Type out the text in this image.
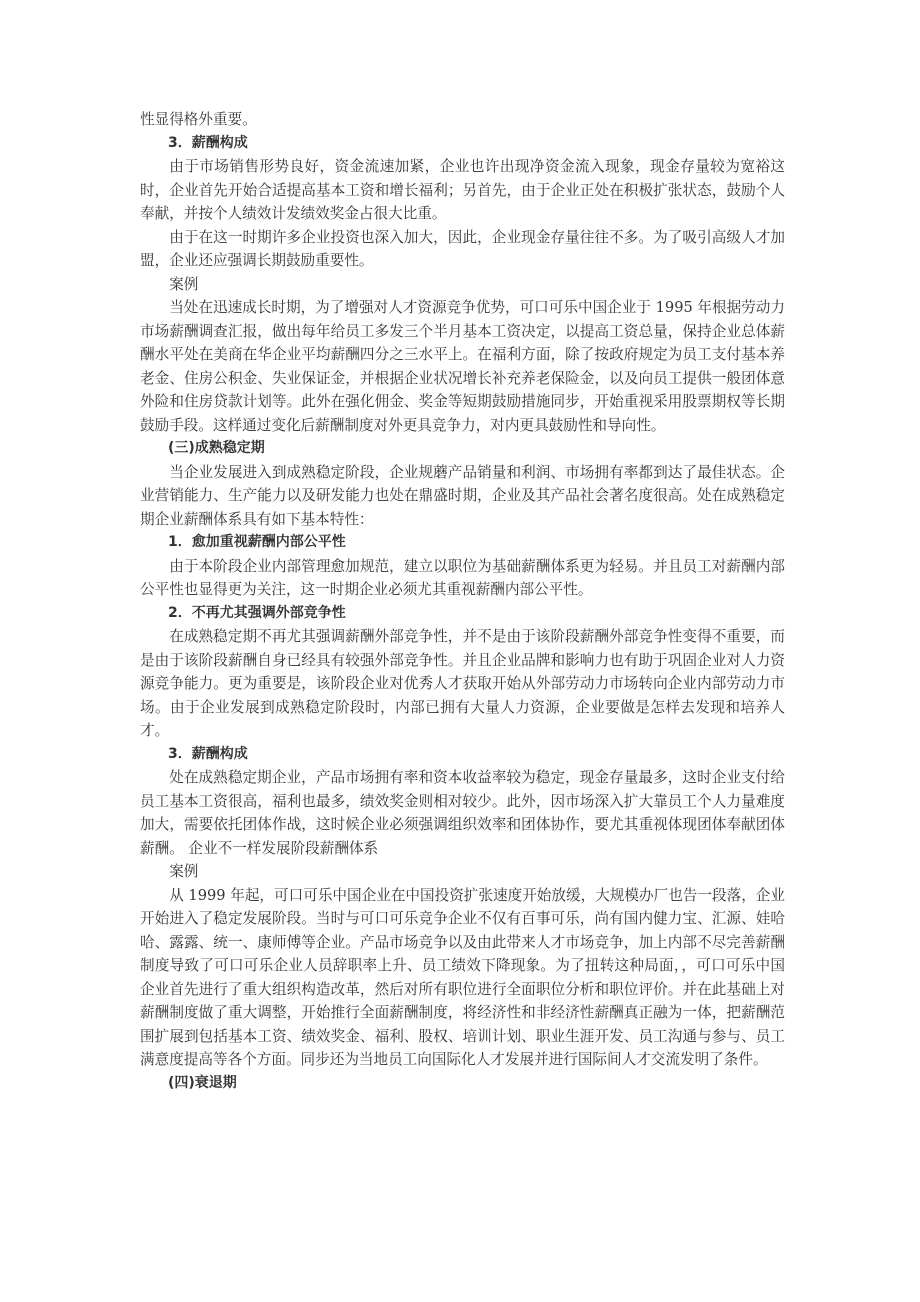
性显得格外重要。

3．薪酬构成

由于市场销售形势良好，资金流速加紧，企业也许出现净资金流入现象，现金存量较为宽裕这时，企业首先开始合适提高基本工资和增长福利；另首先，由于企业正处在积极扩张状态，鼓励个人奉献，并按个人绩效计发绩效奖金占很大比重。

由于在这一时期许多企业投资也深入加大，因此，企业现金存量往往不多。为了吸引高级人才加盟，企业还应强调长期鼓励重要性。

案例

当处在迅速成长时期，为了增强对人才资源竞争优势，可口可乐中国企业于 1995 年根据劳动力市场薪酬调查汇报，做出每年给员工多发三个半月基本工资决定，以提高工资总量，保持企业总体薪酬水平处在美商在华企业平均薪酬四分之三水平上。在福利方面，除了按政府规定为员工支付基本养老金、住房公积金、失业保证金，并根据企业状况增长补充养老保险金，以及向员工提供一般团体意外险和住房贷款计划等。此外在强化佣金、奖金等短期鼓励措施同步，开始重视采用股票期权等长期鼓励手段。这样通过变化后薪酬制度对外更具竞争力，对内更具鼓励性和导向性。

(三)成熟稳定期

当企业发展进入到成熟稳定阶段，企业规蘑产品销量和利润、市场拥有率都到达了最佳状态。企业营销能力、生产能力以及研发能力也处在鼎盛时期，企业及其产品社会著名度很高。处在成熟稳定期企业薪酬体系具有如下基本特性：

1．愈加重视薪酬内部公平性

由于本阶段企业内部管理愈加规范，建立以职位为基础薪酬体系更为轻易。并且员工对薪酬内部公平性也显得更为关注，这一时期企业必须尤其重视薪酬内部公平性。

2．不再尤其强调外部竞争性

在成熟稳定期不再尤其强调薪酬外部竞争性，并不是由于该阶段薪酬外部竞争性变得不重要，而是由于该阶段薪酬自身已经具有较强外部竞争性。并且企业品牌和影响力也有助于巩固企业对人力资源竞争能力。更为重要是，该阶段企业对优秀人才获取开始从外部劳动力市场转向企业内部劳动力市场。由于企业发展到成熟稳定阶段时，内部已拥有大量人力资源，企业要做是怎样去发现和培养人才。

3．薪酬构成

处在成熟稳定期企业，产品市场拥有率和资本收益率较为稳定，现金存量最多，这时企业支付给员工基本工资很高，福利也最多，绩效奖金则相对较少。此外，因市场深入扩大靠员工个人力量难度加大，需要依托团体作战，这时候企业必须强调组织效率和团体协作，要尤其重视体现团体奉献团体薪酬。 企业不一样发展阶段薪酬体系

案例

从 1999 年起，可口可乐中国企业在中国投资扩张速度开始放缓，大规模办厂也告一段落，企业开始进入了稳定发展阶段。当时与可口可乐竞争企业不仅有百事可乐，尚有国内健力宝、汇源、娃哈哈、露露、统一、康师傅等企业。产品市场竞争以及由此带来人才市场竞争，加上内部不尽完善薪酬制度导致了可口可乐企业人员辞职率上升、员工绩效下降现象。为了扭转这种局面，，可口可乐中国企业首先进行了重大组织构造改革，然后对所有职位进行全面职位分析和职位评价。并在此基础上对薪酬制度做了重大调整，开始推行全面薪酬制度，将经济性和非经济性薪酬真正融为一体，把薪酬范围扩展到包括基本工资、绩效奖金、福利、股权、培训计划、职业生涯开发、员工沟通与参与、员工满意度提高等各个方面。同步还为当地员工向国际化人才发展并进行国际间人才交流发明了条件。

(四)衰退期
